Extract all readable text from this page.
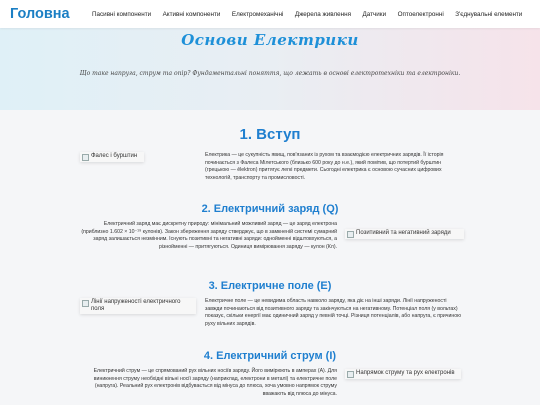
Головна	Пасивні компоненти Активні компоненти Електромеханічні Джерела живлення Датчики Оптоелектронні З'єднувальні елементи
Основи Електрики
Що таке напруга, струм та опір? Фундаментальні поняття, що лежать в основі електротехніки та електроніки.
1. Вступ
Фалес і бурштин	Електрика — це сукупність явищ, пов'язаних із рухом та взаємодією електричних зарядів. Її історія починається з Фалеса Мілетського (близько 600 року до н.е.), який помітив, що потертий бурштин (грецькою — ēlektron) притягує легкі предмети. Сьогодні електрика є основою сучасних цифрових технологій, транспорту та промисловості.

2. Електричний заряд (Q)

Електричний заряд має дискретну природу: мінімальний можливий заряд — це заряд електрона (приблизно 1.602 × 10⁻¹⁹ кулонів). Закон збереження заряду стверджує, що в замкненій системі сумарний заряд залишається незмінним. Існують позитивні та негативні заряди: однойменні відштовхуються, а різнойменні — притягуються. Одиниця вимірювання заряду — кулон (Кл).

Позитивний та негативний заряди
3. Електричне поле (E)
Лінії напруженості електричного поля

Електричне поле — це невидима область навколо заряду, яка діє на інші заряди. Лінії напруженості завжди починаються від позитивного заряду та закінчуються на негативному. Потенціал поля (у вольтах) показує, скільки енергії має одиничний заряд у певній точці. Різниця потенціалів, або напруга, є причиною руху вільних зарядів.

4. Електричний струм (I)

Електричний струм — це спрямований рух вільних носіїв заряду. Його вимірюють в амперах (А). Для виникнення струму необхідні вільні носії заряду (наприклад, електрони в металі) та електричне поле (напруга). Реальний рух електронів відбувається від мінуса до плюса, хоча умовно напрямок струму вважають від плюса до мінуса.

Напрямок струму та рух електронів
